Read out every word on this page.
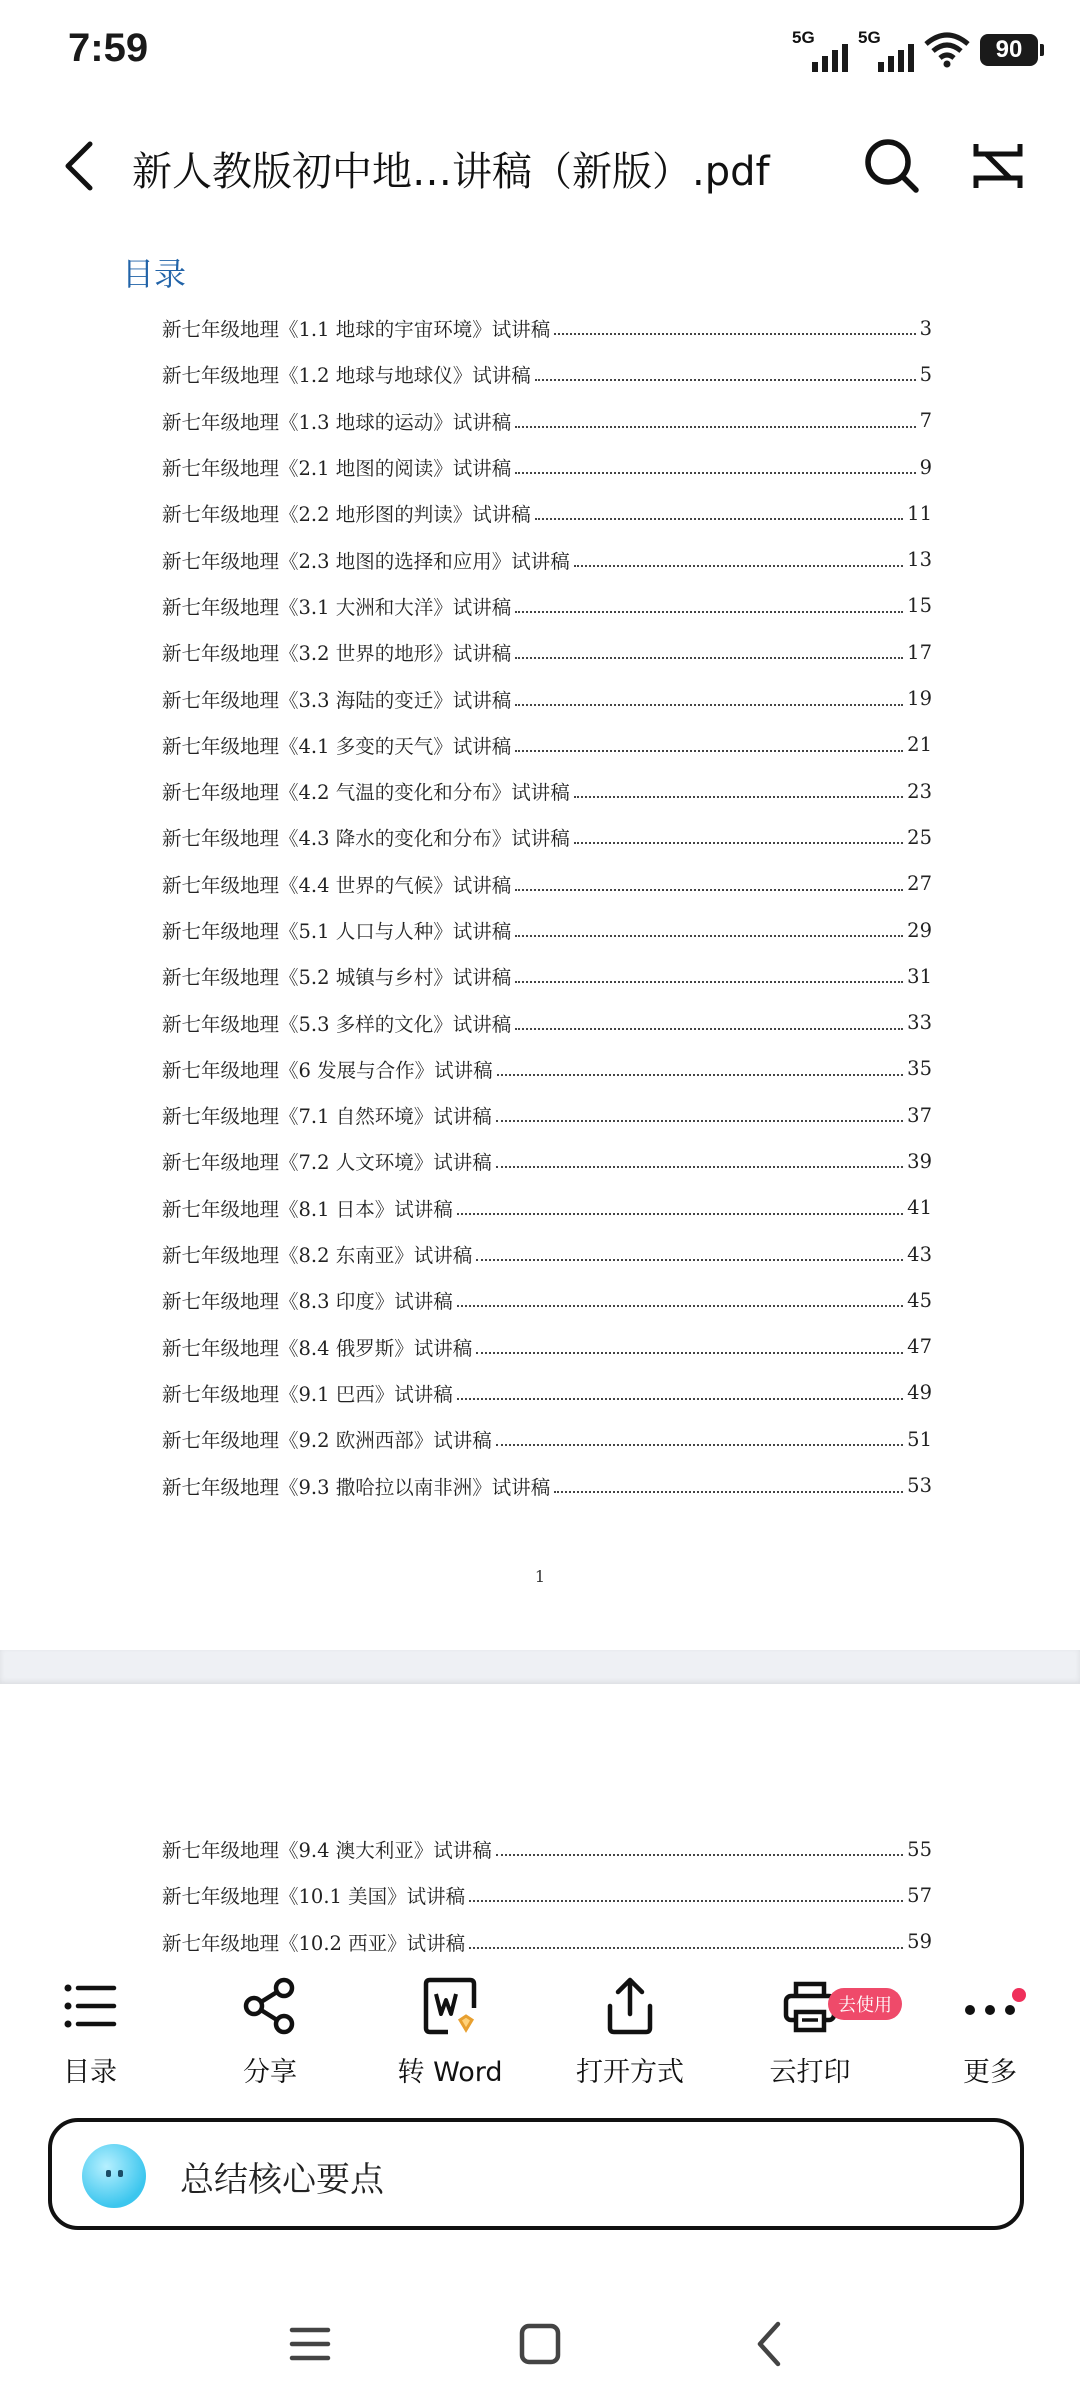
7:59	5G	5G	90
新人教版初中地…讲稿（新版）.pdf
目录
新七年级地理《1.1 地球的宇宙环境》试讲稿	3
新七年级地理《1.2 地球与地球仪》试讲稿	5
新七年级地理《1.3 地球的运动》试讲稿	7
新七年级地理《2.1 地图的阅读》试讲稿	9
新七年级地理《2.2 地形图的判读》试讲稿	11
新七年级地理《2.3 地图的选择和应用》试讲稿	13
新七年级地理《3.1 大洲和大洋》试讲稿	15
新七年级地理《3.2 世界的地形》试讲稿	17
新七年级地理《3.3 海陆的变迁》试讲稿	19
新七年级地理《4.1 多变的天气》试讲稿	21
新七年级地理《4.2 气温的变化和分布》试讲稿	23
新七年级地理《4.3 降水的变化和分布》试讲稿	25
新七年级地理《4.4 世界的气候》试讲稿	27
新七年级地理《5.1 人口与人种》试讲稿	29
新七年级地理《5.2 城镇与乡村》试讲稿	31
新七年级地理《5.3 多样的文化》试讲稿	33
新七年级地理《6 发展与合作》试讲稿	35
新七年级地理《7.1 自然环境》试讲稿	37
新七年级地理《7.2 人文环境》试讲稿	39
新七年级地理《8.1 日本》试讲稿	41
新七年级地理《8.2 东南亚》试讲稿	43
新七年级地理《8.3 印度》试讲稿	45
新七年级地理《8.4 俄罗斯》试讲稿	47
新七年级地理《9.1 巴西》试讲稿	49
新七年级地理《9.2 欧洲西部》试讲稿	51
新七年级地理《9.3 撒哈拉以南非洲》试讲稿	53
1
新七年级地理《9.4 澳大利亚》试讲稿	55
新七年级地理《10.1 美国》试讲稿	57
新七年级地理《10.2 西亚》试讲稿	59
目录	分享	转 Word	打开方式
去使用
云打印	更多
总结核心要点
